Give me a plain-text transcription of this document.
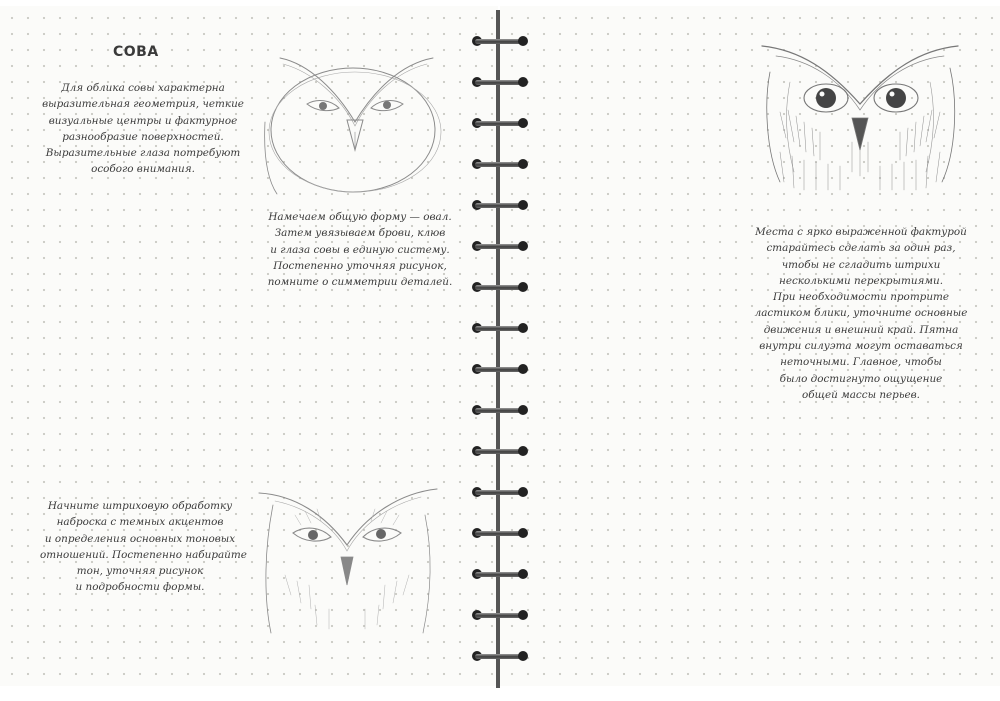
СОВА
Для облика совы характерна
выразительная геометрия, четкие
визуальные центры и фактурное
разнообразие поверхностей.
Выразительные глаза потребуют
особого внимания.
Намечаем общую форму — овал.
Затем увязываем брови, клюв
и глаза совы в единую систему.
Постепенно уточняя рисунок,
помните о симметрии деталей.
Начните штриховую обработку
наброска с темных акцентов
и определения основных тоновых
отношений. Постепенно набирайте
тон, уточняя рисунок
и подробности формы.
Места с ярко выраженной фактурой
старайтесь сделать за один раз,
чтобы не сгладить штрихи
несколькими перекрытиями.
При необходимости протрите
ластиком блики, уточните основные
движения и внешний край. Пятна
внутри силуэта могут оставаться
неточными. Главное, чтобы
было достигнуто ощущение
общей массы перьев.
